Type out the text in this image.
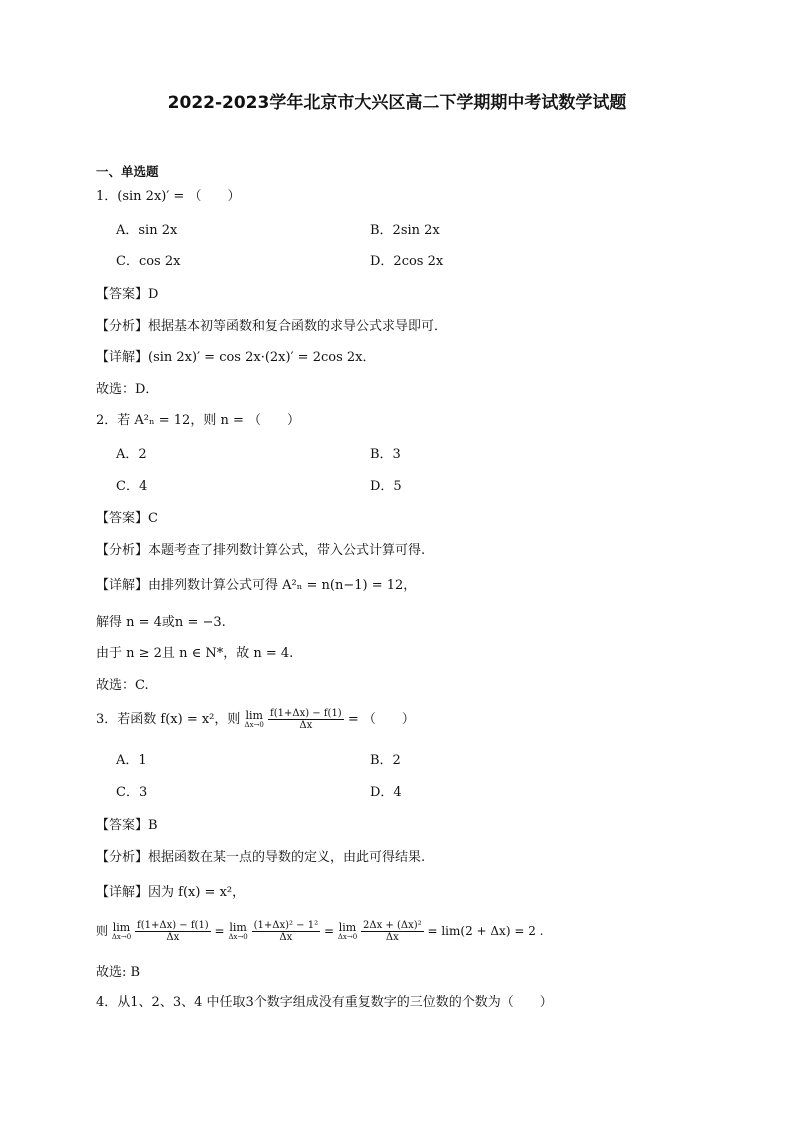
2022-2023学年北京市大兴区高二下学期期中考试数学试题
一、单选题
1．(sin 2x)′ = （　　）
A．sin 2x	B．2sin 2x
C．cos 2x	D．2cos 2x
【答案】D
【分析】根据基本初等函数和复合函数的求导公式求导即可．
【详解】(sin 2x)′ = cos 2x·(2x)′ = 2cos 2x．
故选：D．
2．若 A²ₙ = 12，则 n = （　　）
A．2	B．3
C．4	D．5
【答案】C
【分析】本题考查了排列数计算公式，带入公式计算可得.
【详解】由排列数计算公式可得 A²ₙ = n(n−1) = 12，
解得 n = 4或n = −3.
由于 n ≥ 2且 n ∈ N*，故 n = 4.
故选：C.
3．若函数 f(x) = x²，则 lim
Δx→0
$\frac{f(1+\Delta x) - f(1)}{\Delta x}$ = （　　）
A．1	B．2
C．3	D．4
【答案】B
【分析】根据函数在某一点的导数的定义，由此可得结果.
【详解】因为 f(x) = x²，
则 lim
Δx→0
$\frac{f(1+\Delta x) - f(1)}{\Delta x} = \lim$
Δx→0
$\frac{\text{(1+Δx)² − 1²}}{\Delta x} = \lim$
Δx→0
$\frac{\text{2Δx + (Δx)²}}{\Delta x} = \lim(2 + \Delta x) = 2$ .
故选: B
4．从1、2、3、4 中任取3个数字组成没有重复数字的三位数的个数为（　　）
